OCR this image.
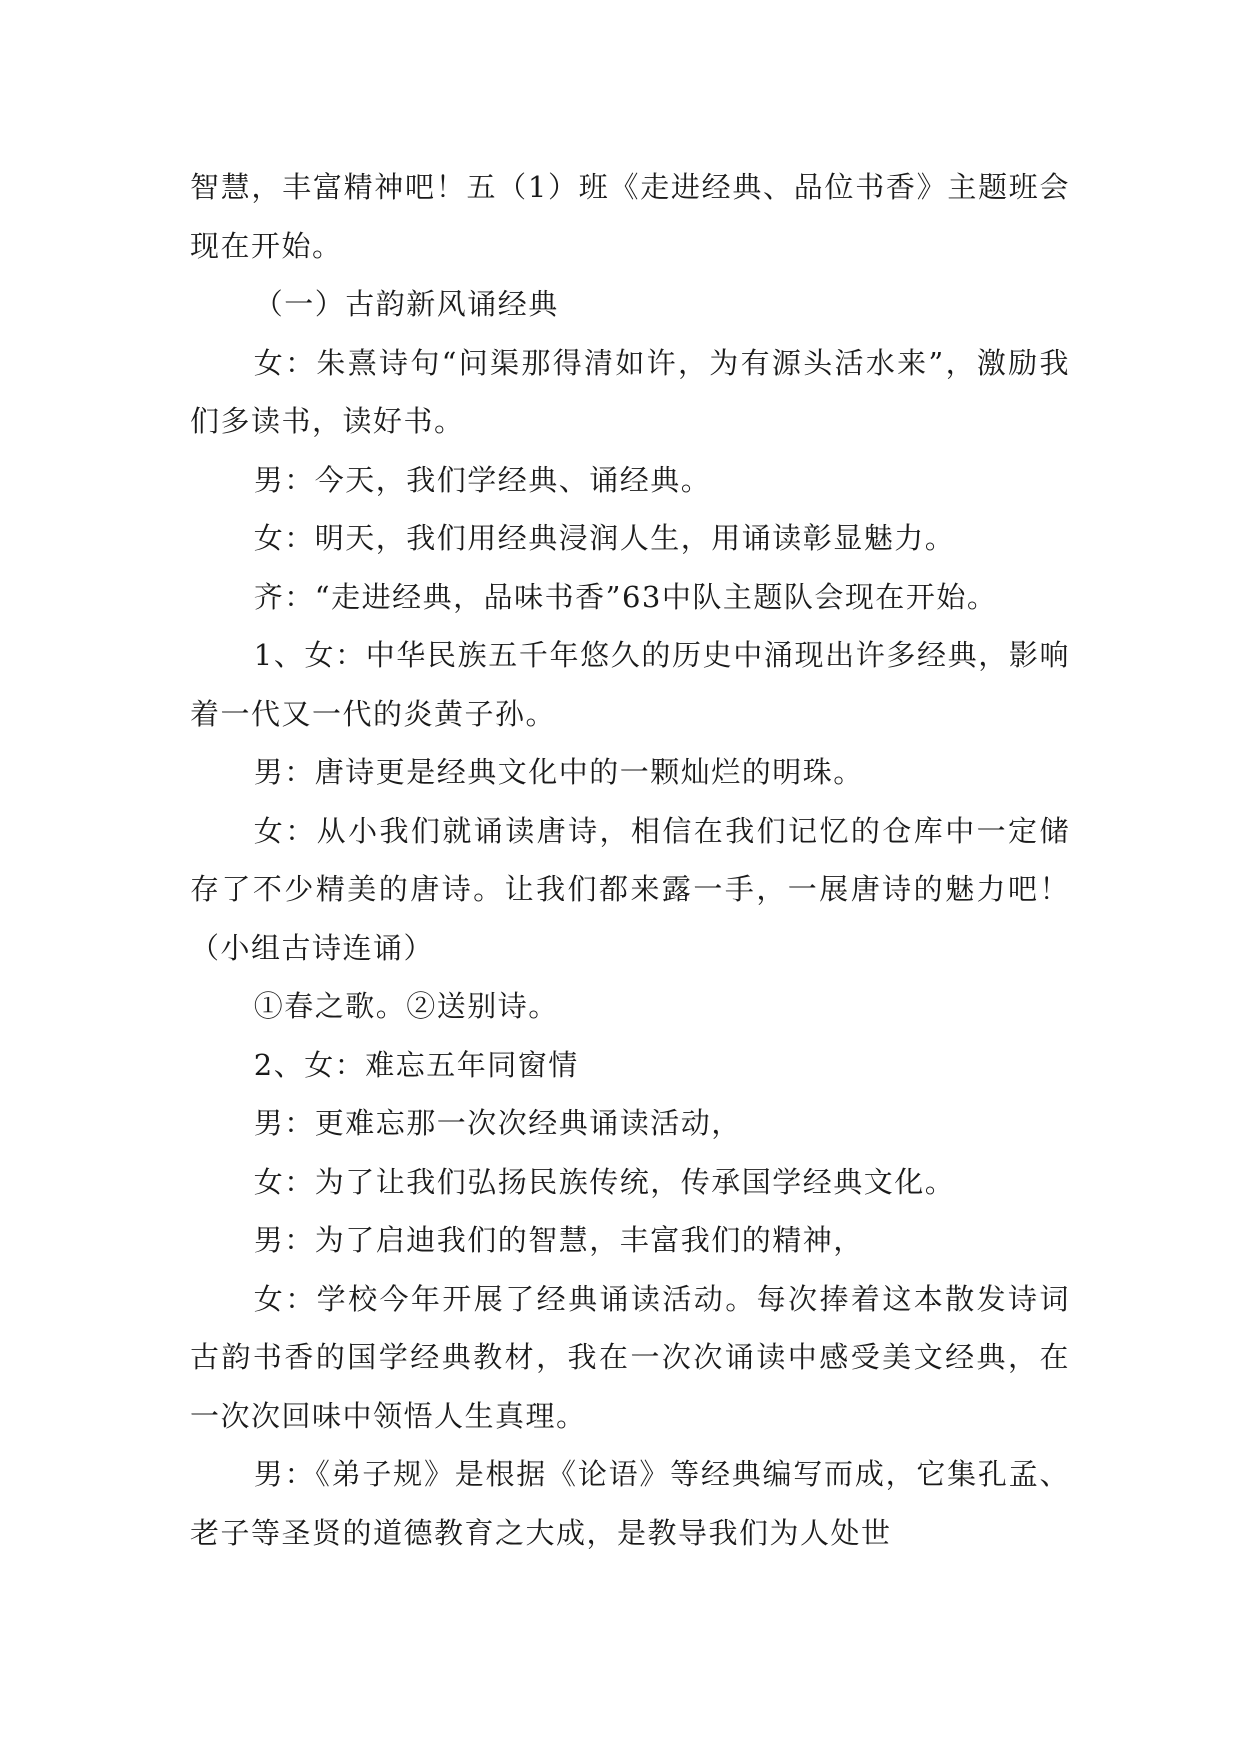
智慧，丰富精神吧！五（1）班《走进经典、品位书香》主题班会现在开始。

（一）古韵新风诵经典

女：朱熹诗句“问渠那得清如许，为有源头活水来”，激励我们多读书，读好书。

男：今天，我们学经典、诵经典。

女：明天，我们用经典浸润人生，用诵读彰显魅力。

齐：“走进经典，品味书香”63中队主题队会现在开始。

1、女：中华民族五千年悠久的历史中涌现出许多经典，影响着一代又一代的炎黄子孙。

男：唐诗更是经典文化中的一颗灿烂的明珠。

女：从小我们就诵读唐诗，相信在我们记忆的仓库中一定储存了不少精美的唐诗。让我们都来露一手，一展唐诗的魅力吧！（小组古诗连诵）

①春之歌。②送别诗。

2、女：难忘五年同窗情

男：更难忘那一次次经典诵读活动，

女：为了让我们弘扬民族传统，传承国学经典文化。

男：为了启迪我们的智慧，丰富我们的精神，

女：学校今年开展了经典诵读活动。每次捧着这本散发诗词古韵书香的国学经典教材，我在一次次诵读中感受美文经典，在一次次回味中领悟人生真理。

男：《弟子规》是根据《论语》等经典编写而成，它集孔孟、老子等圣贤的道德教育之大成，是教导我们为人处世
